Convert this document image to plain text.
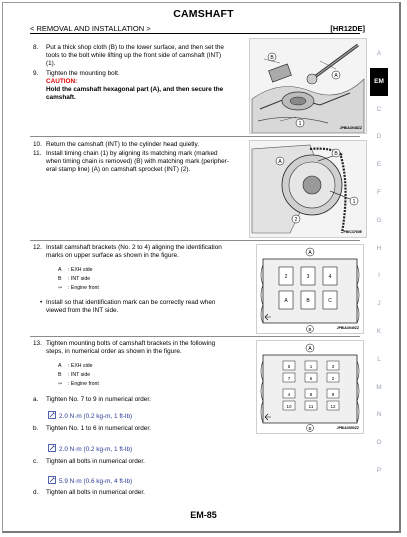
CAMSHAFT
< REMOVAL AND INSTALLATION >	[HR12DE]
A
EM
C
D
E
F
G
H
I
J
K
L
M
N
O
P
8. Put a thick shop cloth (B) to the lower surface, and then set the
tools to the bolt while lifting up the front side of camshaft (INT)
(1).
9. Tighten the mounting bolt.
CAUTION:
Hold the camshaft hexagonal part (A), and then secure the
camshaft.
B
A
1
JPBIA3948ZZ
10. Return the camshaft (INT) to the cylinder head quietly.
11. Install timing chain (1) by aligning its matching mark (marked
when timing chain is removed) (B) with matching mark (peripher-
eral stamp line) (A) on camshaft sprocket (INT) (2).
A
B
1
2
PBIC3760E
12. Install camshaft brackets (No. 2 to 4) aligning the identification
marks on upper surface as shown in the figure.
A : EXH side
B : INT side
⇦ : Engine front
• Install so that identification mark can be correctly read when
viewed from the INT side.
2	3	4
A	B	C
A
B	JPBIA3949ZZ
13. Tighten mounting bolts of camshaft brackets in the following
steps, in numerical order as shown in the figure.
A : EXH side
B : INT side
⇦ : Engine front
a. Tighten No. 7 to 9 in numerical order.
2.0 N·m (0.2 kg-m, 1 ft-lb)
b. Tighten No. 1 to 6 in numerical order.
2.0 N·m (0.2 kg-m, 1 ft-lb)
c. Tighten all bolts in numerical order.
5.9 N·m (0.6 kg-m, 4 ft-lb)
d. Tighten all bolts in numerical order.
5	1	3
7	6	2
4	8	9
10	11	12
A
B	JPBIA3950ZZ
EM-85
